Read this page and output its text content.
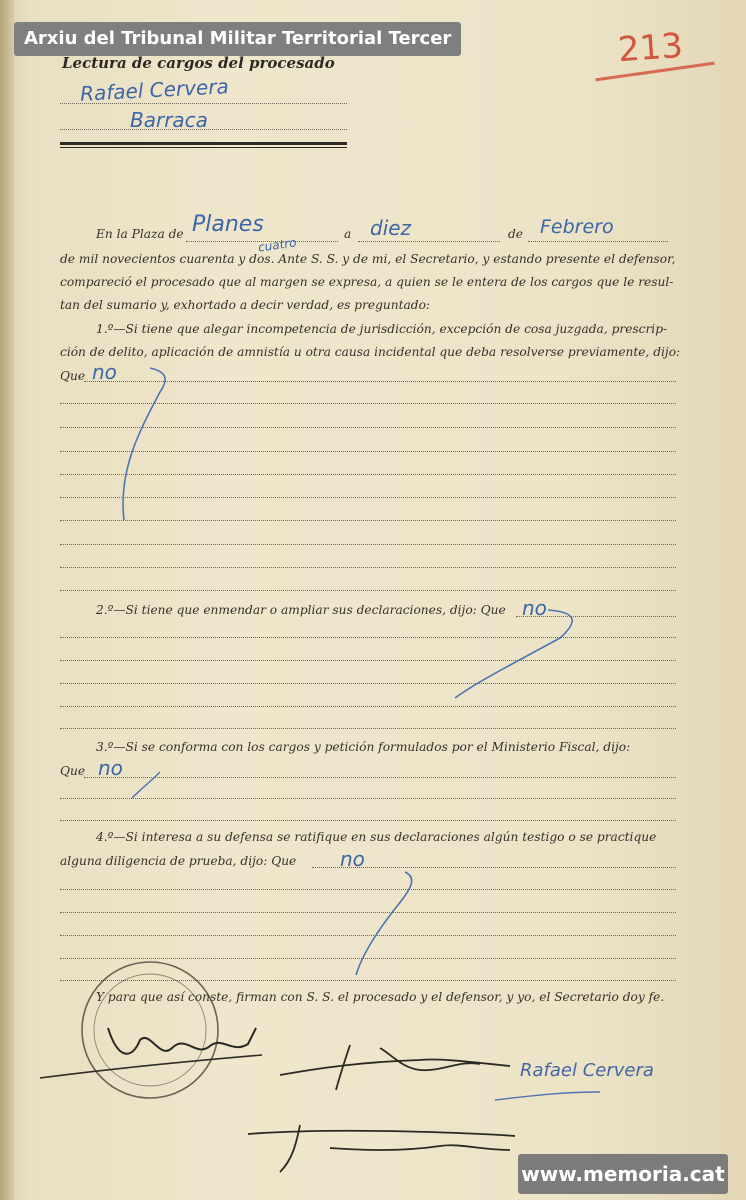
Arxiu del Tribunal Militar Territorial Tercer	213
Lectura de cargos del procesado
Rafael Cervera
Barraca
En la Plaza de Planes	a diez	de Febrero
cuatro
de mil novecientos cuarenta y dos. Ante S. S. y de mi, el Secretario, y estando presente el defensor,
compareció el procesado que al margen se expresa, a quien se le entera de los cargos que le resul-
tan del sumario y, exhortado a decir verdad, es preguntado:
1.º—Si tiene que alegar incompetencia de jurisdicción, excepción de cosa juzgada, prescrip-
ción de delito, aplicación de amnistía u otra causa incidental que deba resolverse previamente, dijo:
Que no
2.º—Si tiene que enmendar o ampliar sus declaraciones, dijo: Que no
3.º—Si se conforma con los cargos y petición formulados por el Ministerio Fiscal, dijo:
Que no
4.º—Si interesa a su defensa se ratifique en sus declaraciones algún testigo o se practique
alguna diligencia de prueba, dijo: Que no
Y para que así conste, firman con S. S. el procesado y el defensor, y yo, el Secretario doy fe.
Rafael Cervera
www.memoria.cat
